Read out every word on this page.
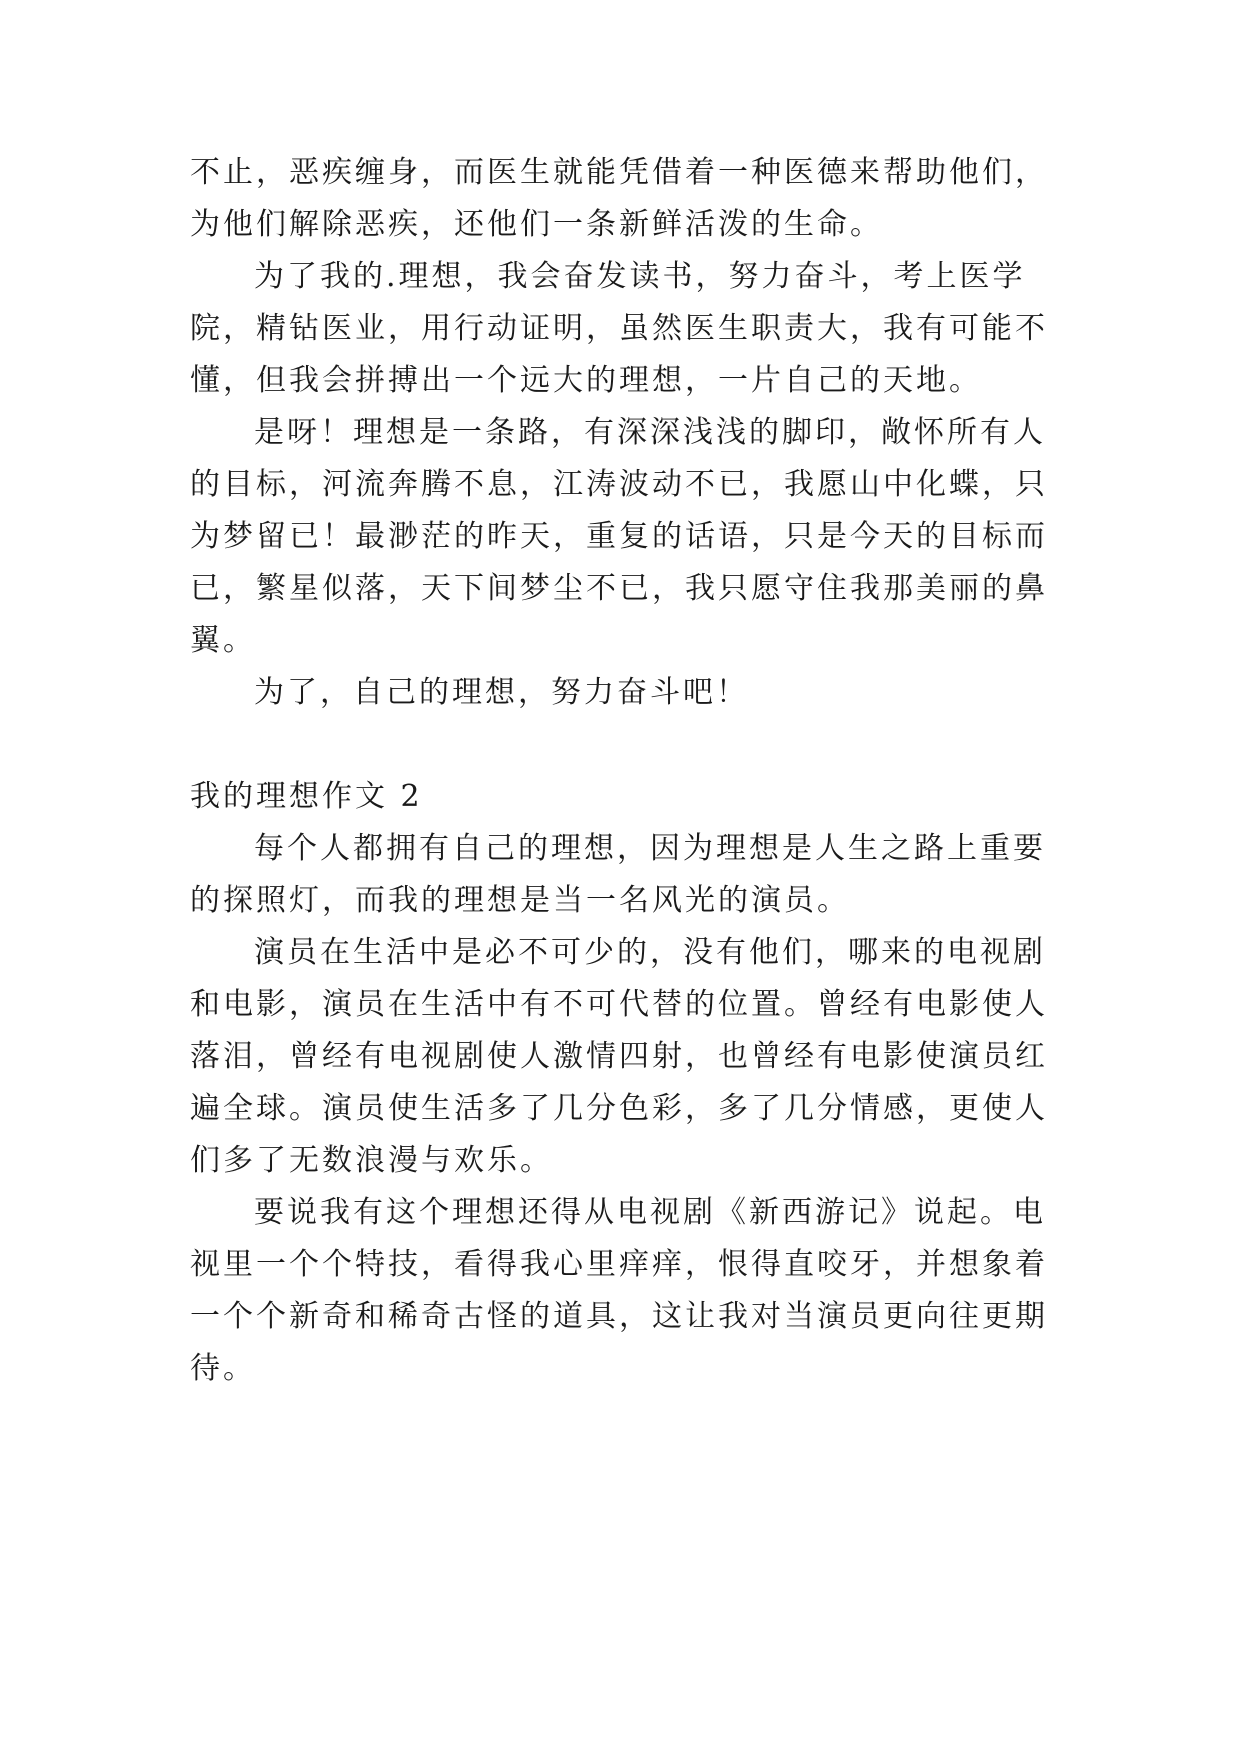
不止，恶疾缠身，而医生就能凭借着一种医德来帮助他们，
为他们解除恶疾，还他们一条新鲜活泼的生命。
为了我的.理想，我会奋发读书，努力奋斗，考上医学
院，精钻医业，用行动证明，虽然医生职责大，我有可能不
懂，但我会拼搏出一个远大的理想，一片自己的天地。
是呀！理想是一条路，有深深浅浅的脚印，敞怀所有人
的目标，河流奔腾不息，江涛波动不已，我愿山中化蝶，只
为梦留已！最渺茫的昨天，重复的话语，只是今天的目标而
已，繁星似落，天下间梦尘不已，我只愿守住我那美丽的鼻
翼。
为了，自己的理想，努力奋斗吧！
我的理想作文 2
每个人都拥有自己的理想，因为理想是人生之路上重要
的探照灯，而我的理想是当一名风光的演员。
演员在生活中是必不可少的，没有他们，哪来的电视剧
和电影，演员在生活中有不可代替的位置。曾经有电影使人
落泪，曾经有电视剧使人激情四射，也曾经有电影使演员红
遍全球。演员使生活多了几分色彩，多了几分情感，更使人
们多了无数浪漫与欢乐。
要说我有这个理想还得从电视剧《新西游记》说起。电
视里一个个特技，看得我心里痒痒，恨得直咬牙，并想象着
一个个新奇和稀奇古怪的道具，这让我对当演员更向往更期
待。
